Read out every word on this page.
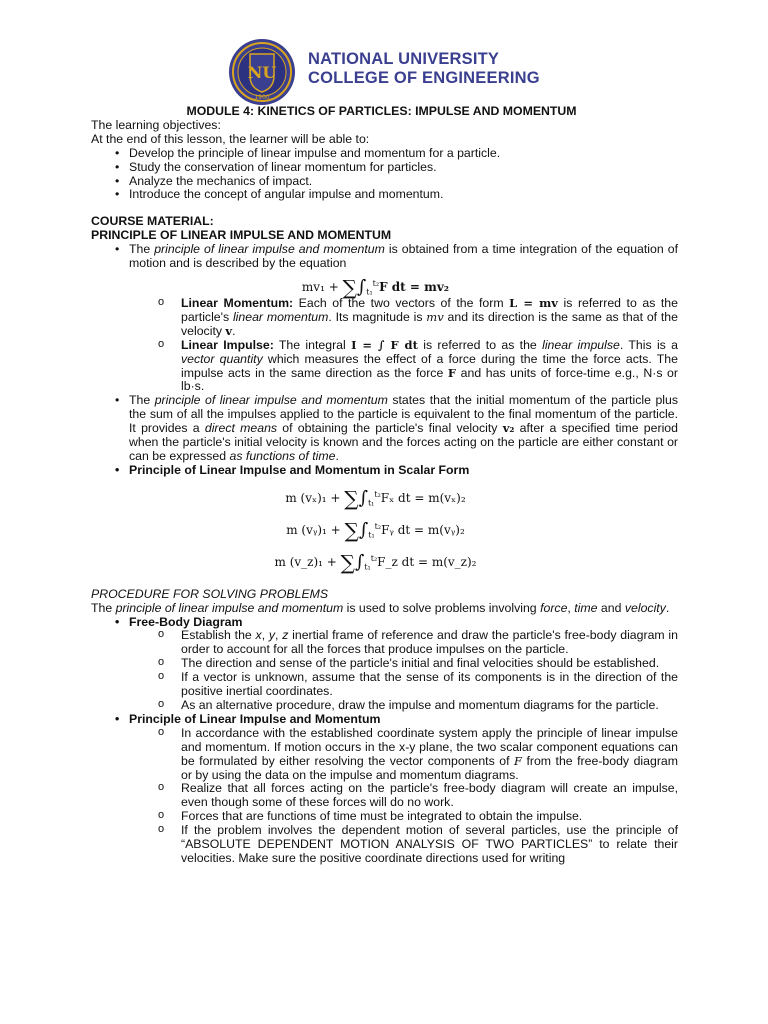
NU
1900
NATIONAL UNIVERSITY
COLLEGE OF ENGINEERING

MODULE 4: KINETICS OF PARTICLES: IMPULSE AND MOMENTUM

The learning objectives:

At the end of this lesson, the learner will be able to:

• Develop the principle of linear impulse and momentum for a particle.
• Study the conservation of linear momentum for particles.
• Analyze the mechanics of impact.
• Introduce the concept of angular impulse and momentum.

COURSE MATERIAL:

PRINCIPLE OF LINEAR IMPULSE AND MOMENTUM

• The principle of linear impulse and momentum is obtained from a time integration of the equation of motion and is described by the equation
$mv_1 + \sum\int_{t_1}^{t_2}F$ dt = mv₂
o Linear Momentum: Each of the two vectors of the form L = mv is referred to as the particle's linear momentum. Its magnitude is mv and its direction is the same as that of the velocity v.
o Linear Impulse: The integral I = ∫ F dt is referred to as the linear impulse. This is a vector quantity which measures the effect of a force during the time the force acts. The impulse acts in the same direction as the force F and has units of force-time e.g., N·s or lb·s.
• The principle of linear impulse and momentum states that the initial momentum of the particle plus the sum of all the impulses applied to the particle is equivalent to the final momentum of the particle. It provides a direct means of obtaining the particle's final velocity v₂ after a specified time period when the particle's initial velocity is known and the forces acting on the particle are either constant or can be expressed as functions of time.
• Principle of Linear Impulse and Momentum in Scalar Form
m $(v_x)_1 + \sum\int_{t_1}^{t_2}F_x$ dt = m(vₓ)₂
m (vᵧ)₁ + $\sum\int_{t_1}^{t_2}Fᵧ$ dt = m(vᵧ)₂
m (v_z)₁ + $\sum\int_{t_1}^{t_2}F\_z$ dt = m(v_z)₂

PROCEDURE FOR SOLVING PROBLEMS

The principle of linear impulse and momentum is used to solve problems involving force, time and velocity.

• Free-Body Diagram
o Establish the x, y, z inertial frame of reference and draw the particle's free-body diagram in order to account for all the forces that produce impulses on the particle.
o The direction and sense of the particle's initial and final velocities should be established.
o If a vector is unknown, assume that the sense of its components is in the direction of the positive inertial coordinates.
o As an alternative procedure, draw the impulse and momentum diagrams for the particle.
• Principle of Linear Impulse and Momentum
o In accordance with the established coordinate system apply the principle of linear impulse and momentum. If motion occurs in the x-y plane, the two scalar component equations can be formulated by either resolving the vector components of F from the free-body diagram or by using the data on the impulse and momentum diagrams.
o Realize that all forces acting on the particle's free-body diagram will create an impulse, even though some of these forces will do no work.
o Forces that are functions of time must be integrated to obtain the impulse.
o If the problem involves the dependent motion of several particles, use the principle of “ABSOLUTE DEPENDENT MOTION ANALYSIS OF TWO PARTICLES” to relate their velocities. Make sure the positive coordinate directions used for writing
